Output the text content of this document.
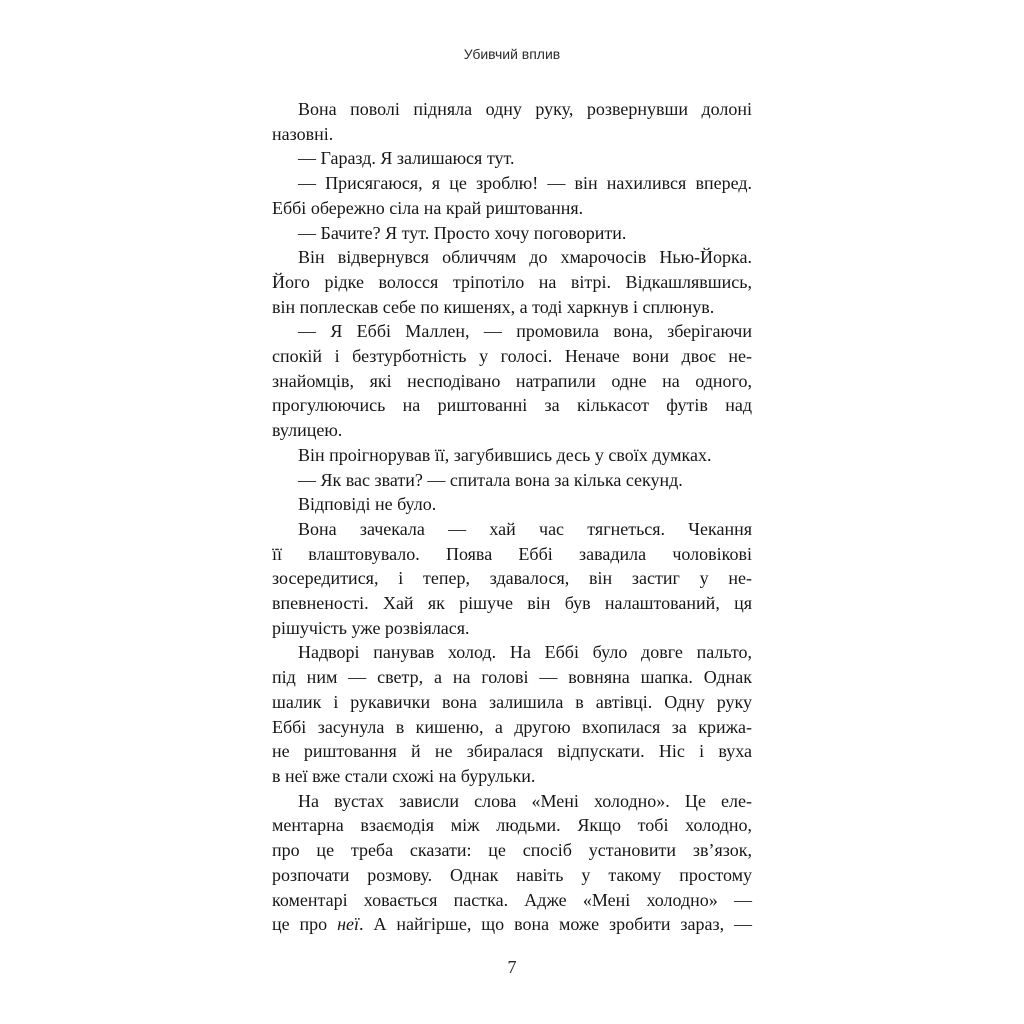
Убивчий вплив
Вона поволі підняла одну руку, розвернувши долоні
назовні.
— Гаразд. Я залишаюся тут.
— Присягаюся, я це зроблю! — він нахилився вперед.
Еббі обережно сіла на край риштовання.
— Бачите? Я тут. Просто хочу поговорити.
Він відвернувся обличчям до хмарочосів Нью-Йорка.
Його рідке волосся тріпотіло на вітрі. Відкашлявшись,
він поплескав себе по кишенях, а тоді харкнув і сплюнув.
— Я Еббі Маллен, — промовила вона, зберігаючи
спокій і безтурботність у голосі. Неначе вони двоє не-
знайомців, які несподівано натрапили одне на одного,
прогулюючись на риштованні за кількасот футів над
вулицею.
Він проігнорував її, загубившись десь у своїх думках.
— Як вас звати? — спитала вона за кілька секунд.
Відповіді не було.
Вона зачекала — хай час тягнеться. Чекання
її влаштовувало. Поява Еббі завадила чоловікові
зосередитися, і тепер, здавалося, він застиг у не-
впевненості. Хай як рішуче він був налаштований, ця
рішучість уже розвіялася.
Надворі панував холод. На Еббі було довге пальто,
під ним — светр, а на голові — вовняна шапка. Однак
шалик і рукавички вона залишила в автівці. Одну руку
Еббі засунула в кишеню, а другою вхопилася за крижа-
не риштовання й не збиралася відпускати. Ніс і вуха
в неї вже стали схожі на бурульки.
На вустах зависли слова «Мені холодно». Це еле-
ментарна взаємодія між людьми. Якщо тобі холодно,
про це треба сказати: це спосіб установити зв’язок,
розпочати розмову. Однак навіть у такому простому
коментарі ховається пастка. Адже «Мені холодно» —
це про неї. А найгірше, що вона може зробити зараз, —
7
